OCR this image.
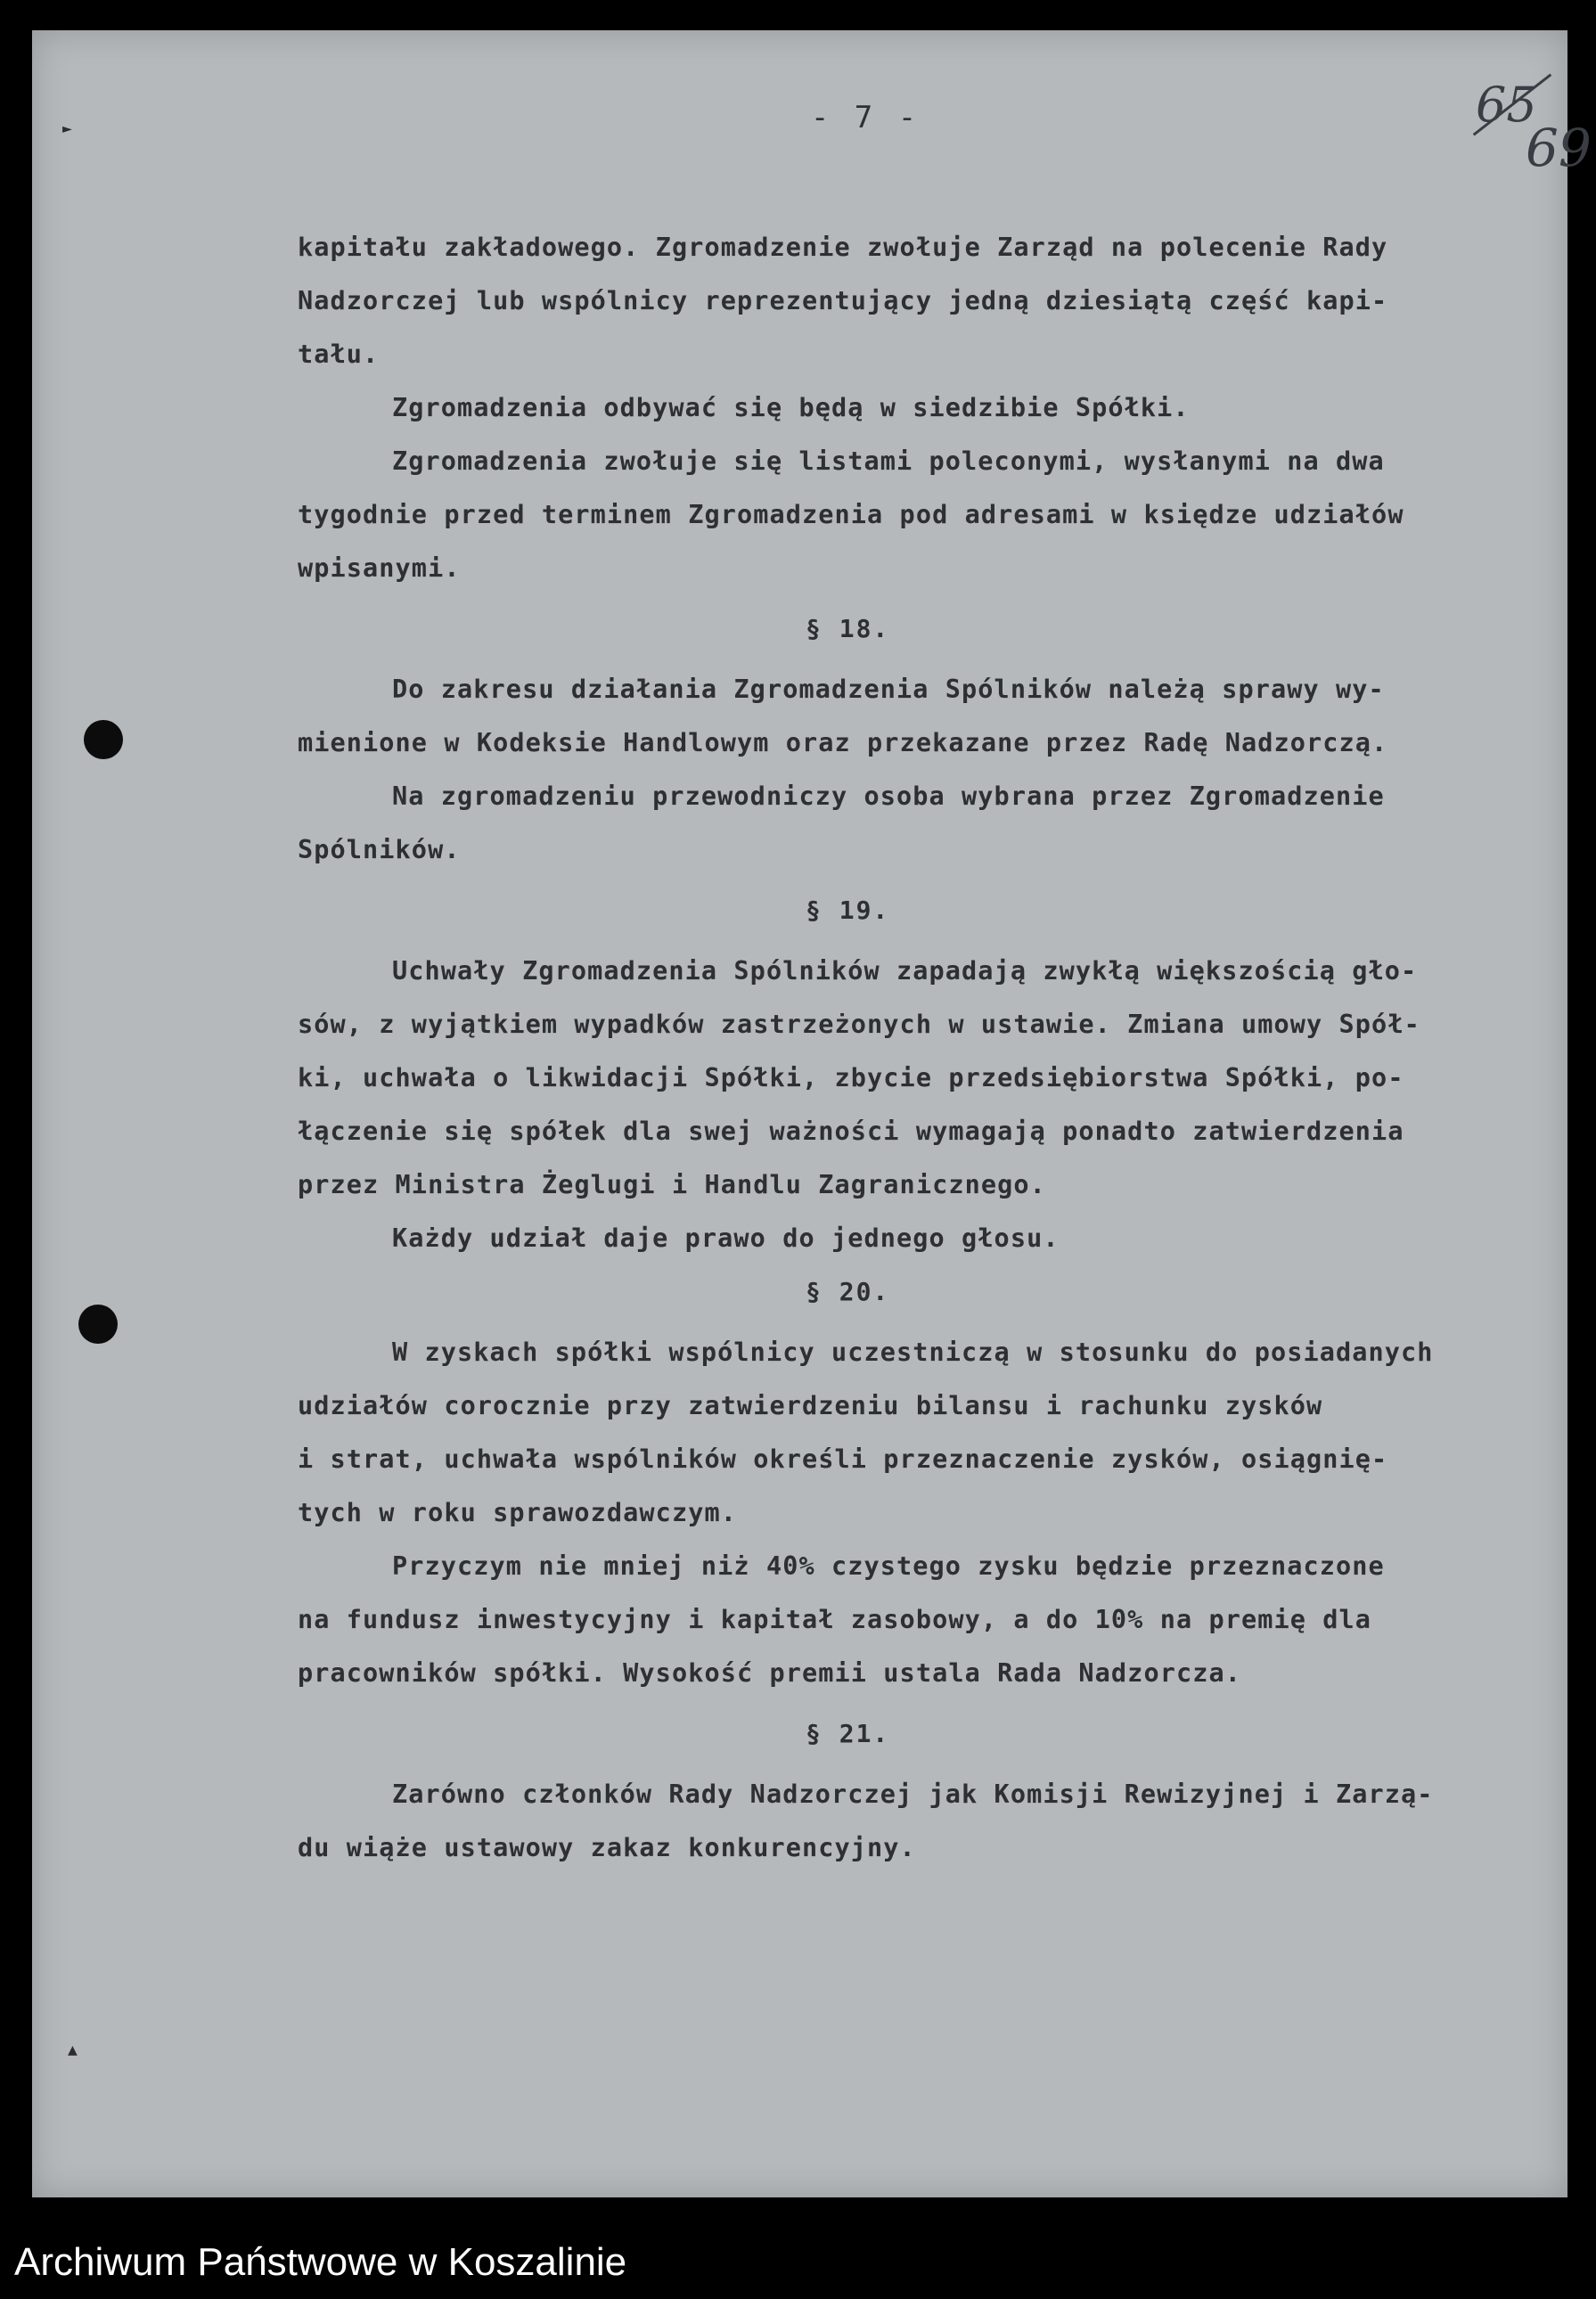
- 7 -	65
69
►
▲
kapitału zakładowego. Zgromadzenie zwołuje Zarząd na polecenie Rady
Nadzorczej lub wspólnicy reprezentujący jedną dziesiątą część kapi-
tału.
Zgromadzenia odbywać się będą w siedzibie Spółki.
Zgromadzenia zwołuje się listami poleconymi, wysłanymi na dwa
tygodnie przed terminem Zgromadzenia pod adresami w księdze udziałów
wpisanymi.
§ 18.
Do zakresu działania Zgromadzenia Spólników należą sprawy wy-
mienione w Kodeksie Handlowym oraz przekazane przez Radę Nadzorczą.
Na zgromadzeniu przewodniczy osoba wybrana przez Zgromadzenie
Spólników.
§ 19.
Uchwały Zgromadzenia Spólników zapadają zwykłą większością gło-
sów, z wyjątkiem wypadków zastrzeżonych w ustawie. Zmiana umowy Spół-
ki, uchwała o likwidacji Spółki, zbycie przedsiębiorstwa Spółki, po-
łączenie się spółek dla swej ważności wymagają ponadto zatwierdzenia
przez Ministra Żeglugi i Handlu Zagranicznego.
Każdy udział daje prawo do jednego głosu.
§ 20.
W zyskach spółki wspólnicy uczestniczą w stosunku do posiadanych
udziałów corocznie przy zatwierdzeniu bilansu i rachunku zysków
i strat, uchwała wspólników określi przeznaczenie zysków, osiągnię-
tych w roku sprawozdawczym.
Przyczym nie mniej niż 40% czystego zysku będzie przeznaczone
na fundusz inwestycyjny i kapitał zasobowy, a do 10% na premię dla
pracowników spółki. Wysokość premii ustala Rada Nadzorcza.
§ 21.
Zarówno członków Rady Nadzorczej jak Komisji Rewizyjnej i Zarzą-
du wiąże ustawowy zakaz konkurencyjny.
Archiwum Państwowe w Koszalinie
